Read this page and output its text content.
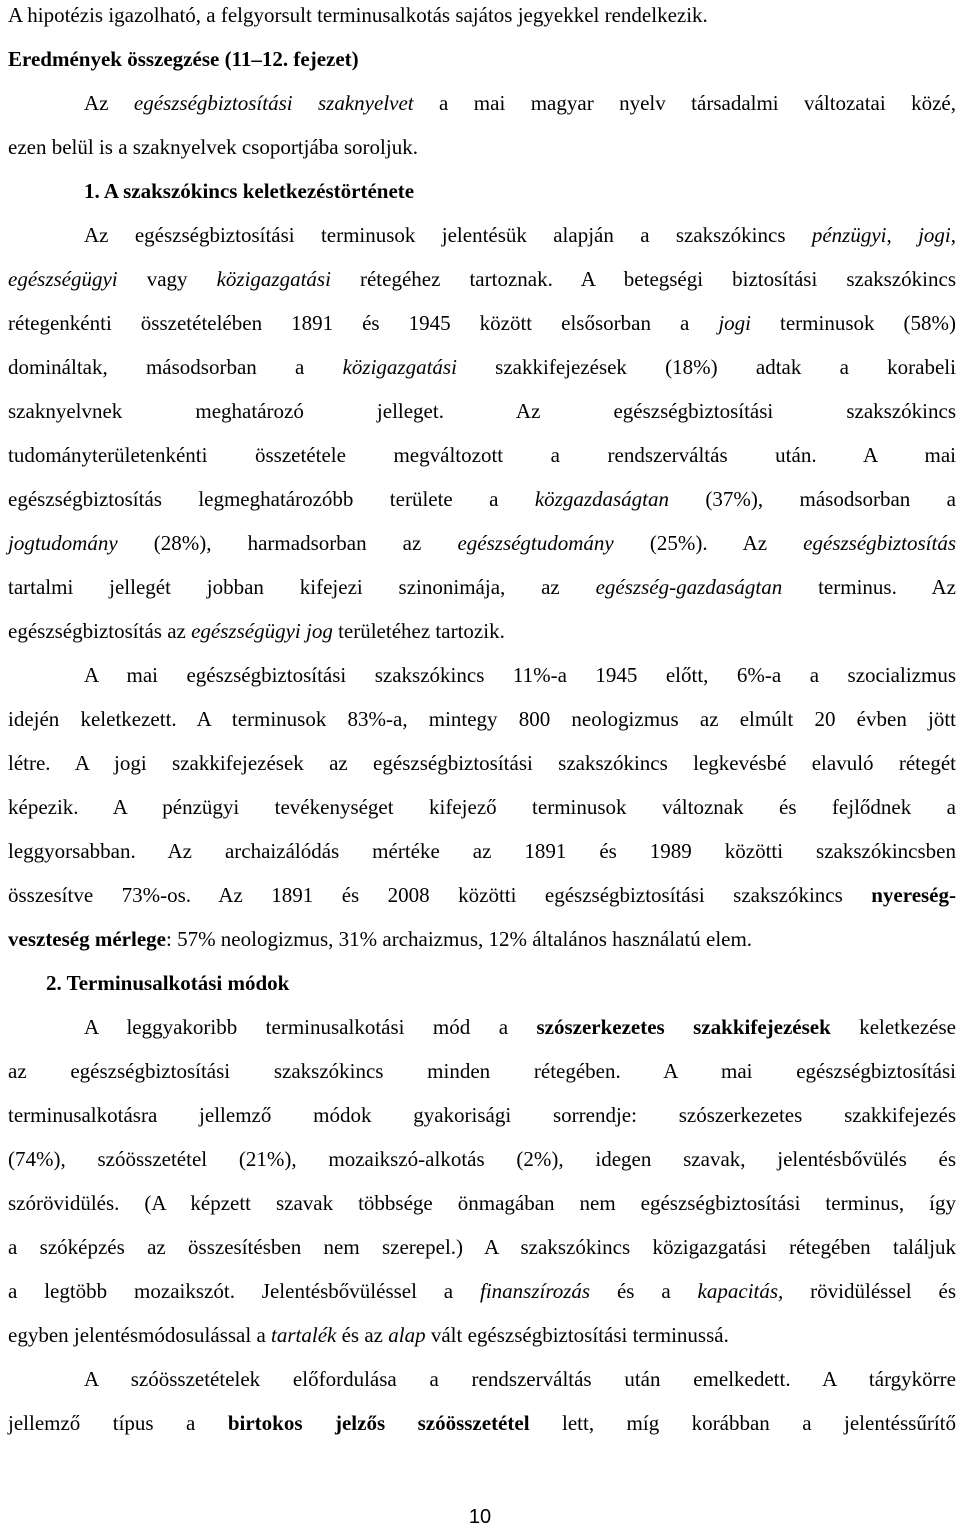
A hipotézis igazolható, a felgyorsult terminusalkotás sajátos jegyekkel rendelkezik.
Eredmények összegzése (11–12. fejezet)
Az egészségbiztosítási szaknyelvet a mai magyar nyelv társadalmi változatai közé,
ezen belül is a szaknyelvek csoportjába soroljuk.
1. A szakszókincs keletkezéstörténete
Az egészségbiztosítási terminusok jelentésük alapján a szakszókincs pénzügyi, jogi,
egészségügyi vagy közigazgatási rétegéhez tartoznak. A betegségi biztosítási szakszókincs
rétegenkénti összetételében 1891 és 1945 között elsősorban a jogi terminusok (58%)
domináltak, másodsorban a közigazgatási szakkifejezések (18%) adtak a korabeli
szaknyelvnek meghatározó jelleget. Az egészségbiztosítási szakszókincs
tudományterületenkénti összetétele megváltozott a rendszerváltás után. A mai
egészségbiztosítás legmeghatározóbb területe a közgazdaságtan (37%), másodsorban a
jogtudomány (28%), harmadsorban az egészségtudomány (25%). Az egészségbiztosítás
tartalmi jellegét jobban kifejezi szinonimája, az egészség-gazdaságtan terminus. Az
egészségbiztosítás az egészségügyi jog területéhez tartozik.
A mai egészségbiztosítási szakszókincs 11%-a 1945 előtt, 6%-a a szocializmus
idején keletkezett. A terminusok 83%-a, mintegy 800 neologizmus az elmúlt 20 évben jött
létre. A jogi szakkifejezések az egészségbiztosítási szakszókincs legkevésbé elavuló rétegét
képezik. A pénzügyi tevékenységet kifejező terminusok változnak és fejlődnek a
leggyorsabban. Az archaizálódás mértéke az 1891 és 1989 közötti szakszókincsben
összesítve 73%-os. Az 1891 és 2008 közötti egészségbiztosítási szakszókincs nyereség-
veszteség mérlege: 57% neologizmus, 31% archaizmus, 12% általános használatú elem.
2. Terminusalkotási módok
A leggyakoribb terminusalkotási mód a szószerkezetes szakkifejezések keletkezése
az egészségbiztosítási szakszókincs minden rétegében. A mai egészségbiztosítási
terminusalkotásra jellemző módok gyakorisági sorrendje: szószerkezetes szakkifejezés
(74%), szóösszetétel (21%), mozaikszó-alkotás (2%), idegen szavak, jelentésbővülés és
szórövidülés. (A képzett szavak többsége önmagában nem egészségbiztosítási terminus, így
a szóképzés az összesítésben nem szerepel.) A szakszókincs közigazgatási rétegében találjuk
a legtöbb mozaikszót. Jelentésbővüléssel a finanszírozás és a kapacitás, rövidüléssel és
egyben jelentésmódosulással a tartalék és az alap vált egészségbiztosítási terminussá.
A szóösszetételek előfordulása a rendszerváltás után emelkedett. A tárgykörre
jellemző típus a birtokos jelzős szóösszetétel lett, míg korábban a jelentéssűrítő
10
